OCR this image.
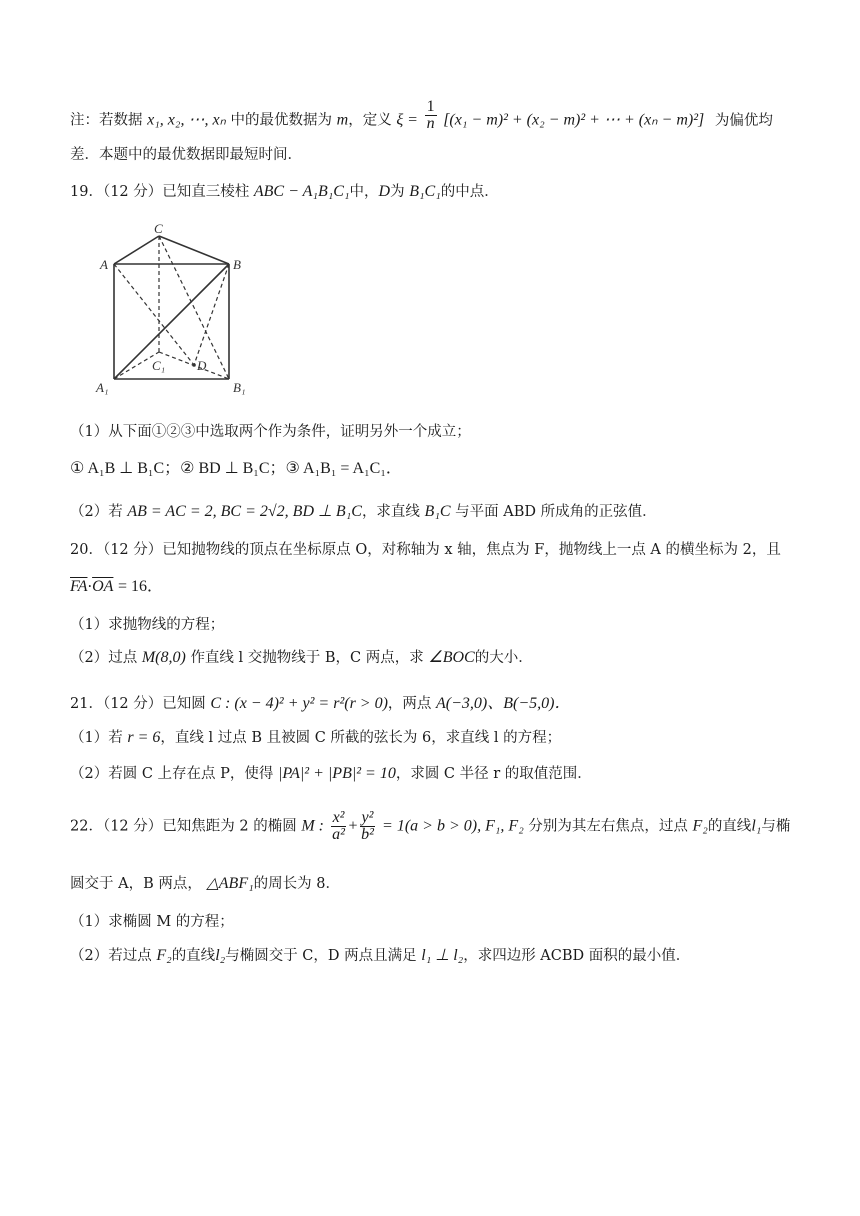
注：若数据 x₁, x₂, ⋯, xₙ 中的最优数据为 m，定义 $\xi = \frac{1}{n} [(x_1 - m)^2 + (x_2 - m)^2$ + ⋯ + (xₙ − m)²] 为偏优均
差．本题中的最优数据即最短时间．
19．（12 分）已知直三棱柱 ABC − A₁B₁C₁中，D为 B₁C₁的中点．
C
A	B
C₁ D
A₁	B₁
（1）从下面①②③中选取两个作为条件，证明另外一个成立；
① A₁B ⊥ B₁C；② BD ⊥ B₁C；③ A₁B₁ = A₁C₁．
（2）若 AB = AC = 2, BC = 2√2, BD ⊥ B₁C，求直线 B₁C 与平面 ABD 所成角的正弦值．
20．（12 分）已知抛物线的顶点在坐标原点 O，对称轴为 x 轴，焦点为 F，抛物线上一点 A 的横坐标为 2，且
$\overline{FA}\cdot\overline{OA} = 16$．
（1）求抛物线的方程；
（2）过点 M(8,0) 作直线 l 交抛物线于 B，C 两点，求 ∠BOC的大小．
21．（12 分）已知圆 C : (x − 4)² + y² = r²(r > 0)，两点 A(−3,0)、B(−5,0)．
（1）若 r = 6，直线 l 过点 B 且被圆 C 所截的弦长为 6，求直线 l 的方程；
（2）若圆 C 上存在点 P，使得 |PA|² + |PB|² = 10，求圆 C 半径 r 的取值范围．
22．（12 分）已知焦距为 2 的椭圆 M : $\frac{\text{x²}}{\text{a²}} + \frac{\text{y²}}{\text{b²}} = 1(a > b > 0)$, F₁, F₂ 分别为其左右焦点，过点 F₂的直线l₁与椭
圆交于 A，B 两点， △ABF₁的周长为 8．
（1）求椭圆 M 的方程；
（2）若过点 F₂的直线l₂与椭圆交于 C，D 两点且满足 l₁ ⊥ l₂，求四边形 ACBD 面积的最小值．
